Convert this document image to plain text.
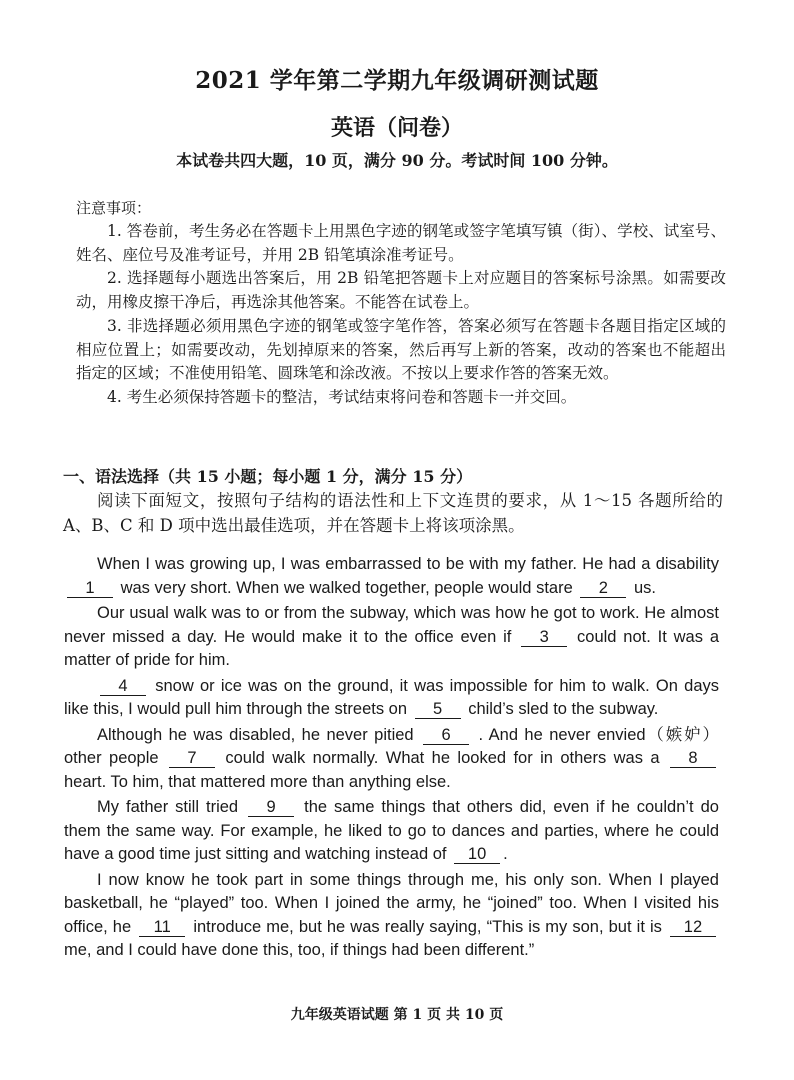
2021 学年第二学期九年级调研测试题
英语（问卷）
本试卷共四大题，10 页，满分 90 分。考试时间 100 分钟。
注意事项：

1. 答卷前，考生务必在答题卡上用黑色字迹的钢笔或签字笔填写镇（街）、学校、试室号、姓名、座位号及准考证号，并用 2B 铅笔填涂准考证号。

2. 选择题每小题选出答案后，用 2B 铅笔把答题卡上对应题目的答案标号涂黑。如需要改动，用橡皮擦干净后，再选涂其他答案。不能答在试卷上。

3. 非选择题必须用黑色字迹的钢笔或签字笔作答，答案必须写在答题卡各题目指定区域的相应位置上；如需要改动，先划掉原来的答案，然后再写上新的答案，改动的答案也不能超出指定的区域；不准使用铅笔、圆珠笔和涂改液。不按以上要求作答的答案无效。

4. 考生必须保持答题卡的整洁，考试结束将问卷和答题卡一并交回。

一、语法选择（共 15 小题；每小题 1 分，满分 15 分）

阅读下面短文，按照句子结构的语法性和上下文连贯的要求，从 1～15 各题所给的 A、B、C 和 D 项中选出最佳选项，并在答题卡上将该项涂黑。

When I was growing up, I was embarrassed to be with my father. He had a disability 1 was very short. When we walked together, people would stare 2 us.

Our usual walk was to or from the subway, which was how he got to work. He almost never missed a day. He would make it to the office even if 3 could not. It was a matter of pride for him.

4 snow or ice was on the ground, it was impossible for him to walk. On days like this, I would pull him through the streets on 5 child’s sled to the subway.

Although he was disabled, he never pitied 6 . And he never envied（嫉妒）other people 7 could walk normally. What he looked for in others was a 8 heart. To him, that mattered more than anything else.

My father still tried 9 the same things that others did, even if he couldn’t do them the same way. For example, he liked to go to dances and parties, where he could have a good time just sitting and watching instead of 10 .

I now know he took part in some things through me, his only son. When I played basketball, he “played” too. When I joined the army, he “joined” too. When I visited his office, he 11 introduce me, but he was really saying, “This is my son, but it is 12 me, and I could have done this, too, if things had been different.”

九年级英语试题 第 1 页 共 10 页
